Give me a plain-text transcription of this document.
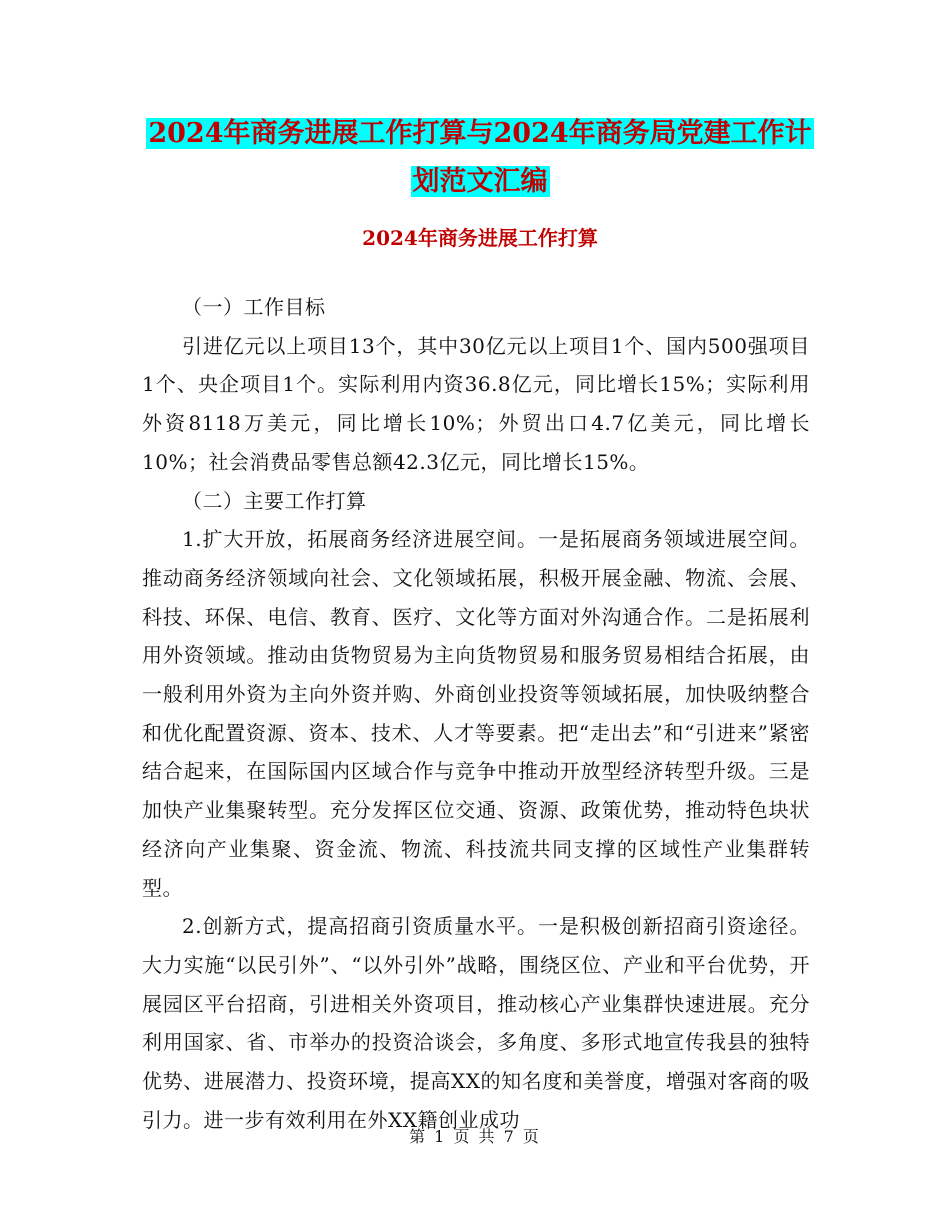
2024年商务进展工作打算与2024年商务局党建工作计
划范文汇编
2024年商务进展工作打算

（一）工作目标

引进亿元以上项目13个，其中30亿元以上项目1个、国内500强项目1个、央企项目1个。实际利用内资36.8亿元，同比增长15%；实际利用外资8118万美元，同比增长10%；外贸出口4.7亿美元，同比增长10%；社会消费品零售总额42.3亿元，同比增长15%。

（二）主要工作打算

1.扩大开放，拓展商务经济进展空间。一是拓展商务领域进展空间。推动商务经济领域向社会、文化领域拓展，积极开展金融、物流、会展、科技、环保、电信、教育、医疗、文化等方面对外沟通合作。二是拓展利用外资领域。推动由货物贸易为主向货物贸易和服务贸易相结合拓展，由一般利用外资为主向外资并购、外商创业投资等领域拓展，加快吸纳整合和优化配置资源、资本、技术、人才等要素。把“走出去”和“引进来”紧密结合起来，在国际国内区域合作与竞争中推动开放型经济转型升级。三是加快产业集聚转型。充分发挥区位交通、资源、政策优势，推动特色块状经济向产业集聚、资金流、物流、科技流共同支撑的区域性产业集群转型。

2.创新方式，提高招商引资质量水平。一是积极创新招商引资途径。大力实施“以民引外”、“以外引外”战略，围绕区位、产业和平台优势，开展园区平台招商，引进相关外资项目，推动核心产业集群快速进展。充分利用国家、省、市举办的投资洽谈会，多角度、多形式地宣传我县的独特优势、进展潜力、投资环境，提高XX的知名度和美誉度，增强对客商的吸引力。进一步有效利用在外XX籍创业成功

第 1 页 共 7 页
